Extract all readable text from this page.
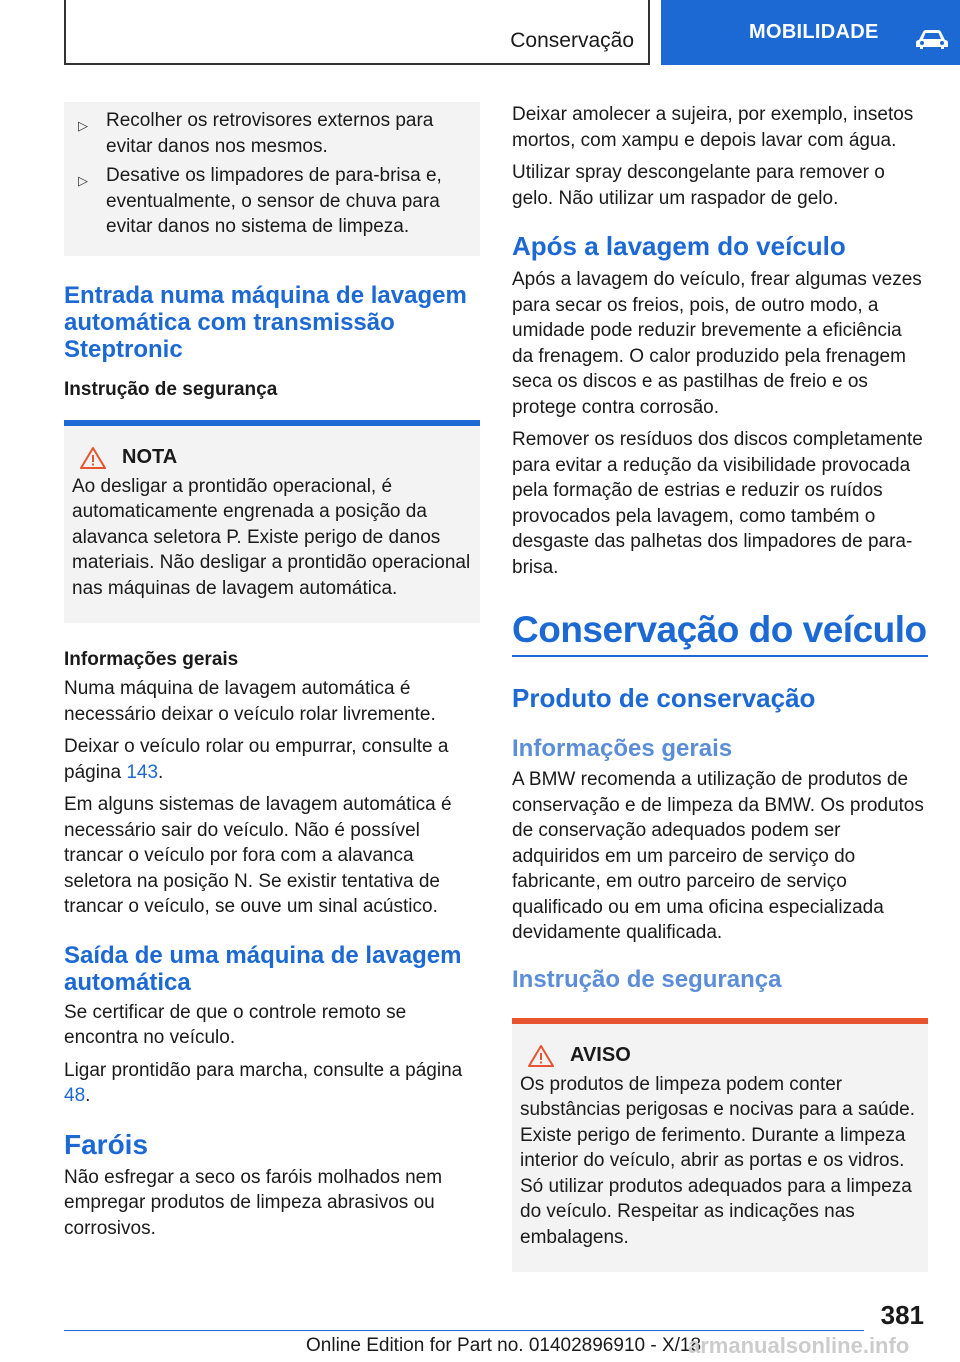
Conservação	MOBILIDADE
▷ Recolher os retrovisores externos para evitar danos nos mesmos.
▷ Desative os limpadores de para-brisa e, eventualmente, o sensor de chuva para evitar danos no sistema de limpeza.
Entrada numa máquina de lavagem automática com transmissão Steptronic
Instrução de segurança
NOTA

Ao desligar a prontidão operacional, é automaticamente engrenada a posição da alavanca seletora P. Existe perigo de danos materiais. Não desligar a prontidão operacional nas máquinas de lavagem automática.

Informações gerais

Numa máquina de lavagem automática é necessário deixar o veículo rolar livremente.

Deixar o veículo rolar ou empurrar, consulte a página 143.

Em alguns sistemas de lavagem automática é necessário sair do veículo. Não é possível trancar o veículo por fora com a alavanca seletora na posição N. Se existir tentativa de trancar o veículo, se ouve um sinal acústico.

Saída de uma máquina de lavagem automática

Se certificar de que o controle remoto se encontra no veículo.

Ligar prontidão para marcha, consulte a página 48.

Faróis

Não esfregar a seco os faróis molhados nem empregar produtos de limpeza abrasivos ou corrosivos.

Deixar amolecer a sujeira, por exemplo, insetos mortos, com xampu e depois lavar com água.

Utilizar spray descongelante para remover o gelo. Não utilizar um raspador de gelo.

Após a lavagem do veículo

Após a lavagem do veículo, frear algumas vezes para secar os freios, pois, de outro modo, a umidade pode reduzir brevemente a eficiência da frenagem. O calor produzido pela frenagem seca os discos e as pastilhas de freio e os protege contra corrosão.

Remover os resíduos dos discos completamente para evitar a redução da visibilidade provocada pela formação de estrias e reduzir os ruídos provocados pela lavagem, como também o desgaste das palhetas dos limpadores de para-brisa.

Conservação do veículo
Produto de conservação
Informações gerais

A BMW recomenda a utilização de produtos de conservação e de limpeza da BMW. Os produtos de conservação adequados podem ser adquiridos em um parceiro de serviço do fabricante, em outro parceiro de serviço qualificado ou em uma oficina especializada devidamente qualificada.

Instrução de segurança
AVISO

Os produtos de limpeza podem conter substâncias perigosas e nocivas para a saúde. Existe perigo de ferimento. Durante a limpeza interior do veículo, abrir as portas e os vidros. Só utilizar produtos adequados para a limpeza do veículo. Respeitar as indicações nas embalagens.

381
Online Edition for Part no. 01402896910 - X/18
armanualsonline.info
